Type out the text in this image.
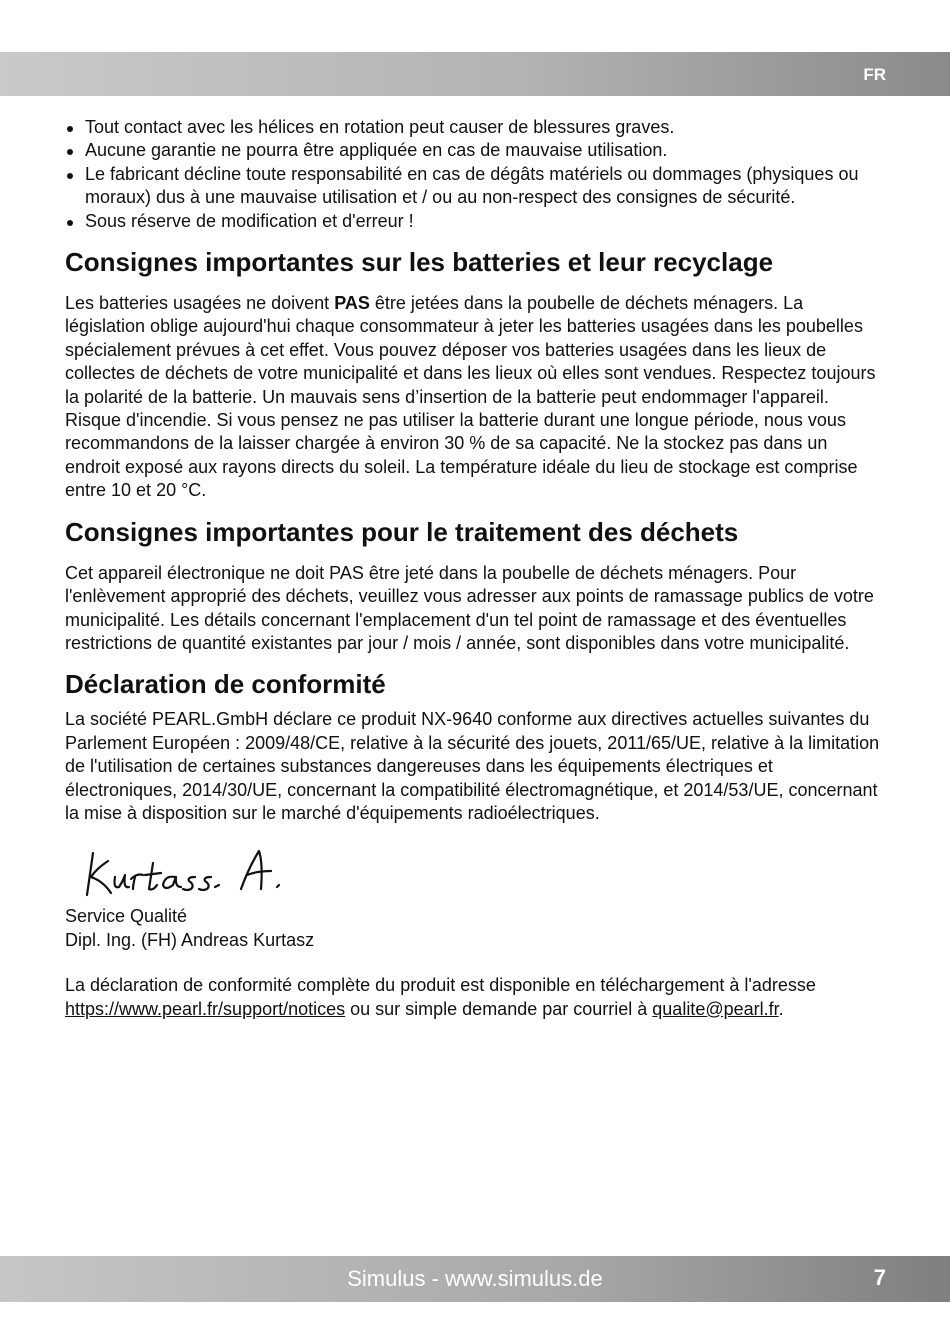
FR
Tout contact avec les hélices en rotation peut causer de blessures graves.
Aucune garantie ne pourra être appliquée en cas de mauvaise utilisation.
Le fabricant décline toute responsabilité en cas de dégâts matériels ou dommages (physiques ou moraux) dus à une mauvaise utilisation et / ou au non-respect des consignes de sécurité.
Sous réserve de modification et d'erreur !
Consignes importantes sur les batteries et leur recyclage

Les batteries usagées ne doivent PAS être jetées dans la poubelle de déchets ménagers. La législation oblige aujourd'hui chaque consommateur à jeter les batteries usagées dans les poubelles spécialement prévues à cet effet. Vous pouvez déposer vos batteries usagées dans les lieux de collectes de déchets de votre municipalité et dans les lieux où elles sont vendues. Respectez toujours la polarité de la batterie. Un mauvais sens d’insertion de la batterie peut endommager l'appareil. Risque d'incendie. Si vous pensez ne pas utiliser la batterie durant une longue période, nous vous recommandons de la laisser chargée à environ 30 % de sa capacité. Ne la stockez pas dans un endroit exposé aux rayons directs du soleil. La température idéale du lieu de stockage est comprise entre 10 et 20 °C.

Consignes importantes pour le traitement des déchets

Cet appareil électronique ne doit PAS être jeté dans la poubelle de déchets ménagers. Pour l'enlèvement approprié des déchets, veuillez vous adresser aux points de ramassage publics de votre municipalité. Les détails concernant l'emplacement d'un tel point de ramassage et des éventuelles restrictions de quantité existantes par jour / mois / année, sont disponibles dans votre municipalité.

Déclaration de conformité

La société PEARL.GmbH déclare ce produit NX-9640 conforme aux directives actuelles suivantes du Parlement Européen : 2009/48/CE, relative à la sécurité des jouets, 2011/65/UE, relative à la limitation de l'utilisation de certaines substances dangereuses dans les équipements électriques et électroniques, 2014/30/UE, concernant la compatibilité électromagnétique, et 2014/53/UE, concernant la mise à disposition sur le marché d'équipements radioélectriques.

Service Qualité

Dipl. Ing. (FH) Andreas Kurtasz

La déclaration de conformité complète du produit est disponible en téléchargement à l'adresse https://www.pearl.fr/support/notices ou sur simple demande par courriel à qualite@pearl.fr.

Simulus - www.simulus.de	7
